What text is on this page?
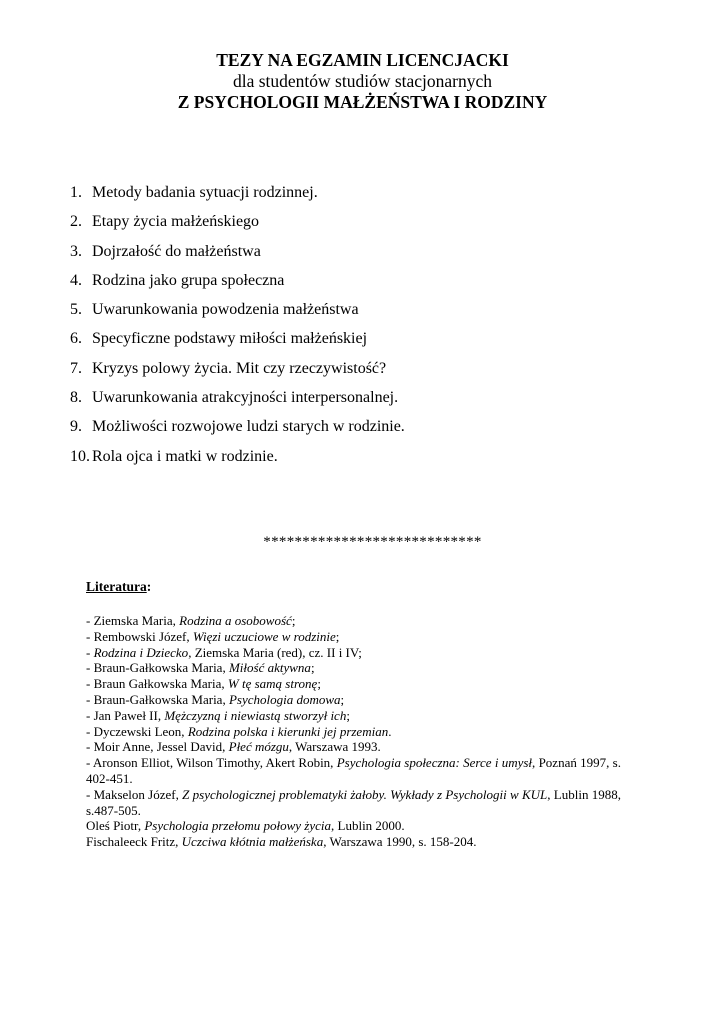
TEZY NA EGZAMIN LICENCJACKI
dla studentów studiów stacjonarnych
Z PSYCHOLOGII MAŁŻEŃSTWA I RODZINY
1. Metody badania sytuacji rodzinnej.
2. Etapy życia małżeńskiego
3. Dojrzałość do małżeństwa
4. Rodzina jako grupa społeczna
5. Uwarunkowania powodzenia małżeństwa
6. Specyficzne podstawy miłości małżeńskiej
7. Kryzys polowy życia. Mit czy rzeczywistość?
8. Uwarunkowania atrakcyjności interpersonalnej.
9. Możliwości rozwojowe ludzi starych w rodzinie.
10. Rola ojca i matki w rodzinie.
****************************
Literatura:
- Ziemska Maria, Rodzina a osobowość;
- Rembowski Józef, Więzi uczuciowe w rodzinie;
- Rodzina i Dziecko, Ziemska Maria (red), cz. II i IV;
- Braun-Gałkowska Maria, Miłość aktywna;
- Braun Gałkowska Maria, W tę samą stronę;
- Braun-Gałkowska Maria, Psychologia domowa;
- Jan Paweł II, Mężczyzną i niewiastą stworzył ich;
- Dyczewski Leon, Rodzina polska i kierunki jej przemian.
- Moir Anne, Jessel David, Płeć mózgu, Warszawa 1993.
- Aronson Elliot, Wilson Timothy, Akert Robin, Psychologia społeczna: Serce i umysł, Poznań 1997, s. 402-451.
- Makselon Józef, Z psychologicznej problematyki żałoby. Wykłady z Psychologii w KUL, Lublin 1988, s.487-505.
Oleś Piotr, Psychologia przełomu połowy życia, Lublin 2000.
Fischaleeck Fritz, Uczciwa kłótnia małżeńska, Warszawa 1990, s. 158-204.
